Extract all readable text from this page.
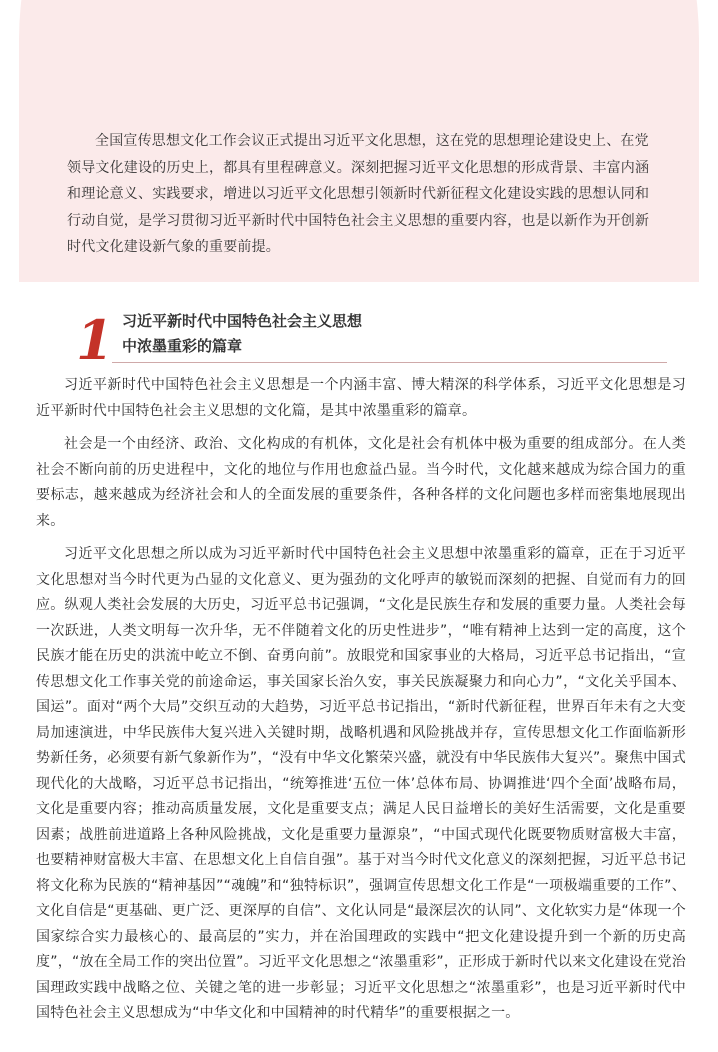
全国宣传思想文化工作会议正式提出习近平文化思想，这在党的思想理论建设史上、在党领导文化建设的历史上，都具有里程碑意义。深刻把握习近平文化思想的形成背景、丰富内涵和理论意义、实践要求，增进以习近平文化思想引领新时代新征程文化建设实践的思想认同和行动自觉，是学习贯彻习近平新时代中国特色社会主义思想的重要内容，也是以新作为开创新时代文化建设新气象的重要前提。

1 习近平新时代中国特色社会主义思想
中浓墨重彩的篇章

习近平新时代中国特色社会主义思想是一个内涵丰富、博大精深的科学体系，习近平文化思想是习近平新时代中国特色社会主义思想的文化篇，是其中浓墨重彩的篇章。

社会是一个由经济、政治、文化构成的有机体，文化是社会有机体中极为重要的组成部分。在人类社会不断向前的历史进程中，文化的地位与作用也愈益凸显。当今时代，文化越来越成为综合国力的重要标志，越来越成为经济社会和人的全面发展的重要条件，各种各样的文化问题也多样而密集地展现出来。

习近平文化思想之所以成为习近平新时代中国特色社会主义思想中浓墨重彩的篇章，正在于习近平文化思想对当今时代更为凸显的文化意义、更为强劲的文化呼声的敏锐而深刻的把握、自觉而有力的回应。纵观人类社会发展的大历史，习近平总书记强调，“文化是民族生存和发展的重要力量。人类社会每一次跃进，人类文明每一次升华，无不伴随着文化的历史性进步”，“唯有精神上达到一定的高度，这个民族才能在历史的洪流中屹立不倒、奋勇向前”。放眼党和国家事业的大格局，习近平总书记指出，“宣传思想文化工作事关党的前途命运，事关国家长治久安，事关民族凝聚力和向心力”，“文化关乎国本、国运”。面对“两个大局”交织互动的大趋势，习近平总书记指出，“新时代新征程，世界百年未有之大变局加速演进，中华民族伟大复兴进入关键时期，战略机遇和风险挑战并存，宣传思想文化工作面临新形势新任务，必须要有新气象新作为”，“没有中华文化繁荣兴盛，就没有中华民族伟大复兴”。聚焦中国式现代化的大战略，习近平总书记指出，“统筹推进‘五位一体’总体布局、协调推进‘四个全面’战略布局，文化是重要内容；推动高质量发展，文化是重要支点；满足人民日益增长的美好生活需要，文化是重要因素；战胜前进道路上各种风险挑战，文化是重要力量源泉”，“中国式现代化既要物质财富极大丰富，也要精神财富极大丰富、在思想文化上自信自强”。基于对当今时代文化意义的深刻把握，习近平总书记将文化称为民族的“精神基因”“魂魄”和“独特标识”，强调宣传思想文化工作是“一项极端重要的工作”、文化自信是“更基础、更广泛、更深厚的自信”、文化认同是“最深层次的认同”、文化软实力是“体现一个国家综合实力最核心的、最高层的”实力，并在治国理政的实践中“把文化建设提升到一个新的历史高度”，“放在全局工作的突出位置”。习近平文化思想之“浓墨重彩”，正形成于新时代以来文化建设在党治国理政实践中战略之位、关键之笔的进一步彰显；习近平文化思想之“浓墨重彩”，也是习近平新时代中国特色社会主义思想成为“中华文化和中国精神的时代精华”的重要根据之一。
